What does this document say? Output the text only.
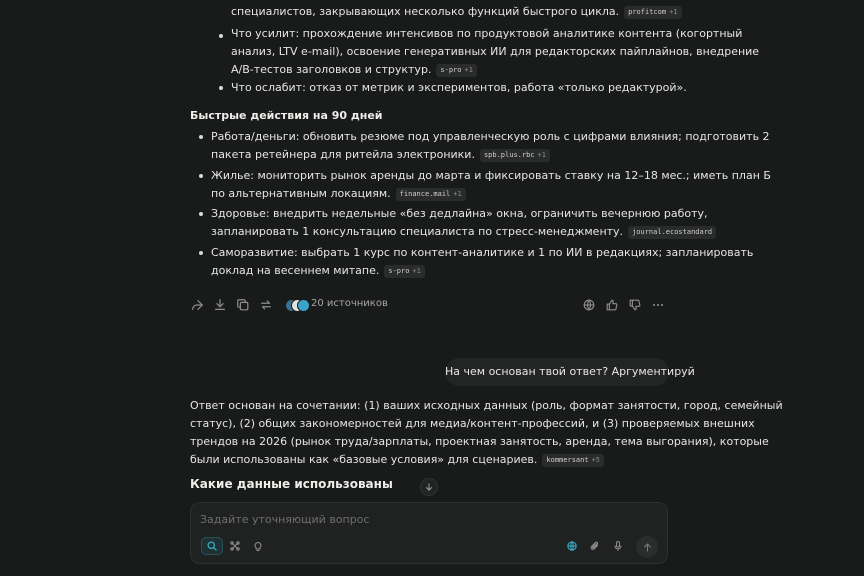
специалистов, закрывающих несколько функций быстрого цикла. profitcom +1
Что усилит: прохождение интенсивов по продуктовой аналитике контента (когортный
анализ, LTV e-mail), освоение генеративных ИИ для редакторских пайплайнов, внедрение
A/B-тестов заголовков и структур. s-pro +1
Что ослабит: отказ от метрик и экспериментов, работа «только редактурой».
Быстрые действия на 90 дней
Работа/деньги: обновить резюме под управленческую роль с цифрами влияния; подготовить 2
пакета ретейнера для ритейла электроники. spb.plus.rbc +1
Жилье: мониторить рынок аренды до марта и фиксировать ставку на 12–18 мес.; иметь план Б
по альтернативным локациям. finance.mail +1
Здоровье: внедрить недельные «без дедлайна» окна, ограничить вечернюю работу,
запланировать 1 консультацию специалиста по стресс-менеджменту. journal.ecostandard
Саморазвитие: выбрать 1 курс по контент-аналитике и 1 по ИИ в редакциях; запланировать
доклад на весеннем митапе. s-pro +1
20 источников
На чем основан твой ответ? Аргументируй
Ответ основан на сочетании: (1) ваших исходных данных (роль, формат занятости, город, семейный
статус), (2) общих закономерностей для медиа/контент-профессий, и (3) проверяемых внешних
трендов на 2026 (рынок труда/зарплаты, проектная занятость, аренда, тема выгорания), которые
были использованы как «базовые условия» для сценариев. kommersant +5
Какие данные использованы
Задайте уточняющий вопрос
